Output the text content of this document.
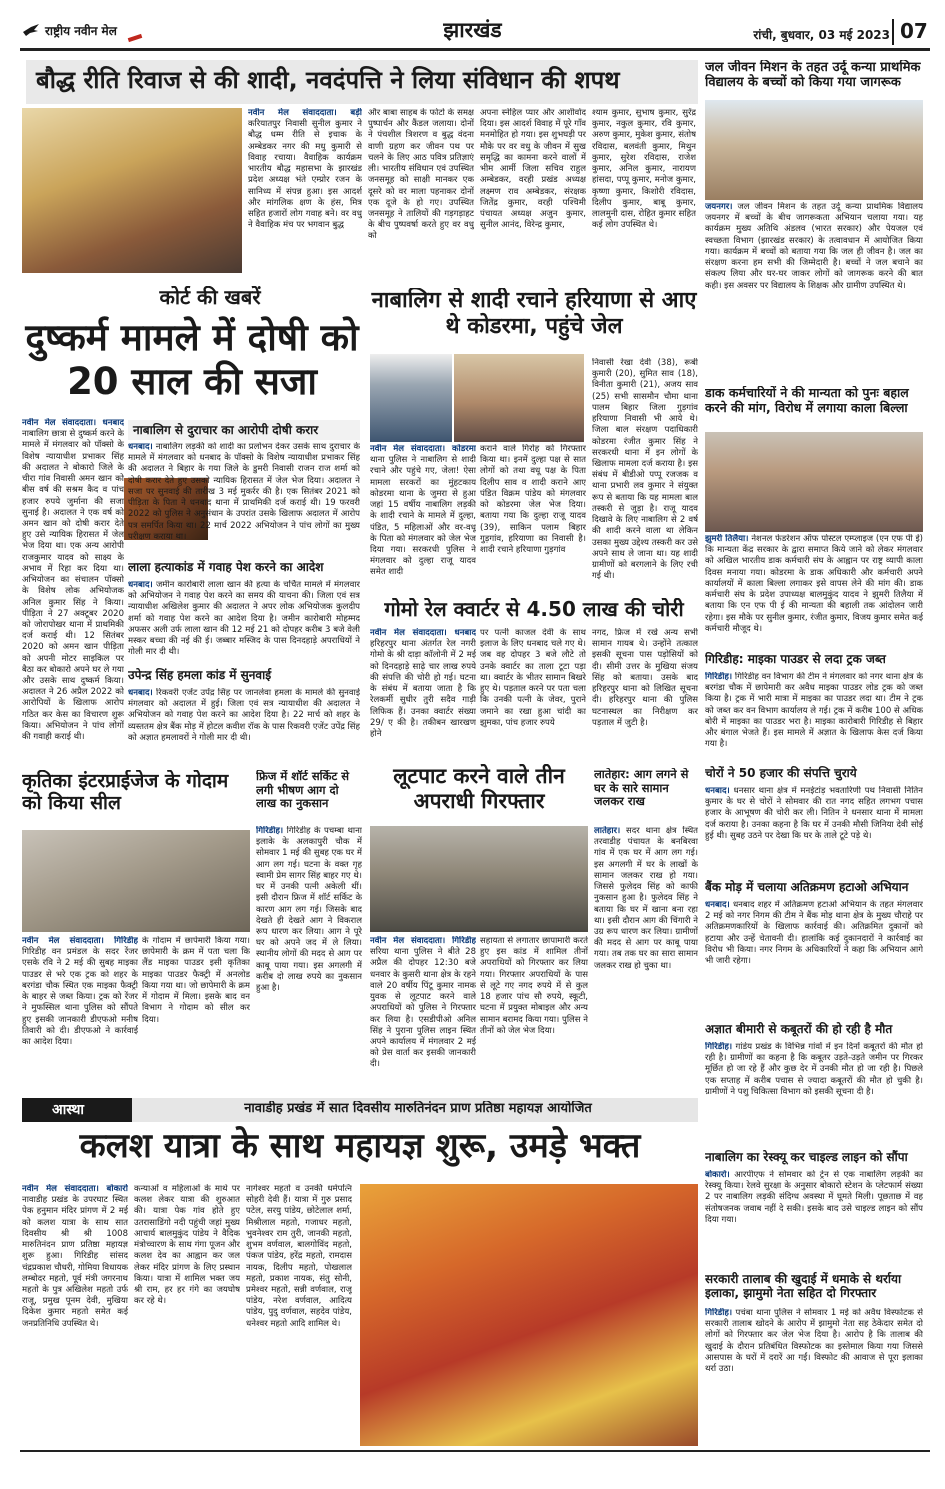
राष्ट्रीय नवीन मेल	झारखंड	रांची, बुधवार, 03 मई 2023 07
बौद्ध रीति रिवाज से की शादी, नवदंपत्ति ने लिया संविधान की शपथ
नवीन मेल संवाददाता। बड़ी करियातपुर निवासी सुनील कुमार ने बौद्ध धम्म रीति से इचाक के अम्बेडकर नगर की मधु कुमारी से विवाह रचाया। वैवाहिक कार्यक्रम भारतीय बौद्ध महासभा के झारखंड प्रदेश अध्यक्ष भंते एम्प्रोर रजन के सानिध्य में संपन्न हुआ। इस आदर्श और मांगलिक क्षण के हंस, मित्र सहित हजारों लोग गवाह बने। वर वधु ने वैवाहिक मंच पर भगवान बुद्ध
और बाबा साहब के फोटो के समक्ष पुष्पार्चन और कैंडल जलाया। दोनों ने पंचशील त्रिशरण व बुद्ध वंदना वाणी ग्रहण कर जीवन पथ पर चलने के लिए आठ पवित्र प्रतिज्ञाएं ली। भारतीय संविधान एवं उपस्थित जनसमूह को साक्षी मानकर एक दूसरे को वर माला पहनाकर दोनों एक दूजे के हो गए। उपस्थित जनसमूह ने तालियों की गड़गड़ाहट के बीच पुष्पवर्षा करते हुए वर वधु को
अपना स्नेहिल प्यार और आशीर्वाद दिया। इस आदर्श विवाह में पूरे गाँव मनमोहित हो गया। इस शुभघड़ी पर मौके पर वर वधु के जीवन में सुख समृद्धि का कामना करने वालों में भीम आर्मी जिला सचिव राहुल अम्बेडकर, वरही प्रखंड अध्यक्ष लक्ष्मण राव अम्बेडकर, संरक्षक जितेंद्र कुमार, वरही पश्चिमी पंचायत अध्यक्ष अजुन कुमार, सुनील आनंद, विरेन्द्र कुमार,
श्याम कुमार, सुभाष कुमार, सुरेंद्र कुमार, नकुल कुमार, रवि कुमार, अरुण कुमार, मुकेश कुमार, संतोष रविदास, बलवंती कुमार, मिथुन कुमार, सुरेश रविदास, राजेश कुमार, अनिल कुमार, नारायण हांसदा, पप्पू कुमार, मनोज कुमार, कृष्णा कुमार, किशोरी रविदास, दिलीप कुमार, बाबू कुमार, लालमुनी दास, रोहित कुमार सहित कई लोग उपस्थित थे।
जल जीवन मिशन के तहत उर्दू कन्या प्राथमिक विद्यालय के बच्चों को किया गया जागरूक
जयनगर। जल जीवन मिशन के तहत उर्दू कन्या प्राथमिक विद्यालय जयनगर में बच्चों के बीच जागरूकता अभियान चलाया गया। यह कार्यक्रम मुख्य अतिथि अंडलव (भारत सरकार) और पेयजल एवं स्वच्छता विभाग (झारखंड सरकार) के तत्वावधान में आयोजित किया गया। कार्यक्रम में बच्चों को बताया गया कि जल ही जीवन है। जल का संरक्षण करना हम सभी की जिम्मेदारी है। बच्चों ने जल बचाने का संकल्प लिया और घर-घर जाकर लोगों को जागरूक करने की बात कही। इस अवसर पर विद्यालय के शिक्षक और ग्रामीण उपस्थित थे।
कोर्ट की खबरें
दुष्कर्म मामले में दोषी को 20 साल की सजा
नवीन मेल संवाददाता। धनबाद नाबालिग छात्रा से दुष्कर्म करने के मामले में मंगलवार को पॉक्सो के विशेष न्यायाधीश प्रभाकर सिंह की अदालत ने बोकारो जिले के चीरा गांव निवासी अमन खान को बीस वर्ष की सश्रम कैद व पांच हजार रुपये जुर्माना की सजा सुनाई है। अदालत ने एक वर्ष को अमन खान को दोषी करार देते हुए उसे न्यायिक हिरासत में जेल भेज दिया था। एक अन्य आरोपी राजकुमार यादव को साक्ष्य के अभाव में रिहा कर दिया था। अभियोजन का संचालन पॉक्सो के विशेष लोक अभियोजक अनिल कुमार सिंह ने किया। पीड़िता ने 27 अक्टूबर 2020 को जोरापोखर थाना में प्राथमिकी दर्ज कराई थी। 12 सितंबर 2020 को अमन खान पीड़िता को अपनी मोटर साइकिल पर बैठा कर बोकारो अपने घर ले गया और उसके साथ दुष्कर्म किया। अदालत ने 26 अप्रैल 2022 को आरोपियों के खिलाफ आरोप गठित कर केस का विचारण शुरू किया। अभियोजन ने पांच लोगों की गवाही कराई थी।
नाबालिग से दुराचार का आरोपी दोषी करार
धनबाद। नाबालिग लड़की को शादी का प्रलोभन देकर उसके साथ दुराचार के मामले में मंगलवार को धनबाद के पॉक्सो के विशेष न्यायाधीश प्रभाकर सिंह की अदालत ने बिहार के गया जिले के डुमरी निवासी राजन राज शर्मा को दोषी करार देते हुए उसको न्यायिक हिरासत में जेल भेज दिया। अदालत ने सजा पर सुनवाई की तारीख 3 मई मुकर्रर की है। एक सितंबर 2021 को पीड़िता के पिता ने धनबाद थाना में प्राथमिकी दर्ज कराई थी। 19 फरवरी 2022 को पुलिस ने अनुसंधान के उपरांत उसके खिलाफ अदालत में आरोप पत्र समर्पित किया था। 22 मार्च 2022 अभियोजन ने पांच लोगों का मुख्य परीक्षण कराया था।
लाला हत्याकांड में गवाह पेश करने का आदेश
धनबाद। जमीन कारोबारी लाला खान की हत्या के चर्चित मामले में मंगलवार को अभियोजन ने गवाह पेश करने का समय की याचना की। जिला एवं सत्र न्यायाधीश अखिलेश कुमार की अदालत ने अपर लोक अभियोजक कुलदीप शर्मा को गवाह पेश करने का आदेश दिया है। जमीन कारोबारी मोहम्मद अफसर अली उर्फ लाला खान की 12 मई 21 को दोपहर करीब 3 बजे वेली मस्कर बच्चा की नई की ई। जब्बार मस्जिद के पास दिनदहाड़े अपराधियों ने गोली मार दी थी।
उपेन्द्र सिंह हमला कांड में सुनवाई
धनबाद। रिकवरी एजेंट उपेंद्र सिंह पर जानलेवा हमला के मामले की सुनवाई मंगलवार को अदालत में हुई। जिला एवं सत्र न्यायाधीश की अदालत ने अभियोजन को गवाह पेश करने का आदेश दिया है। 22 मार्च को शहर के व्यस्ततम क्षेत्र बैंक मोड़ में होटल कवीश रॉक के पास रिकवरी एजेंट उपेंद्र सिंह को अज्ञात हमलावरों ने गोली मार दी थी।
नाबालिग से शादी रचाने हरियाणा से आए थे कोडरमा, पहुंचे जेल
नवीन मेल संवाददाता। कोडरमा थाना पुलिस ने नाबालिग से शादी रचाने और पहुंचे गए, जेला! ऐसा मामला सरकरों का मुंहटकाय कोडरमा थाना के जुमरा से हुआ जहां 15 वर्षीय नाबालिग लड़की के शादी रचाने के मामले में दुल्हा, पंडित, 5 महिलाओं और वर-वधू के पिता को मंगलवार को जेल भेज दिया गया। सरकरधी पुलिस ने मंगलवार को दुल्हा राजू यादव समेत शादी
कराने वाले गिरोह को गिरफ्तार किया था। इनमें दुल्हा पक्ष से सात लोगों को तथा वधू पक्ष के पिता दिलीप साव व शादी कराने आए पंडित विक्रम पांडेय को मंगलवार को कोडरमा जेल भेज दिया। बताया गया कि दुल्हा राजू यादव (39), साकिन पलाम बिहार गुड़गांव, हरियाणा का निवासी है। शादी रचाने हरियाणा गुड़गांव
निवासी रेखा देवी (38), रूबी कुमारी (20), सुमित साव (18), विनीता कुमारी (21), अजय साव (25) सभी सासमौन चौमा थाना पालम बिहार जिला गुड़गांव हरियाणा निवासी भी आये थे। जिला बाल संरक्षण पदाधिकारी कोडरमा रंजीत कुमार सिंह ने सरकरधी थाना में इन लोगों के खिलाफ मामला दर्ज कराया है। इस संबंध में बीडीओ पप्पू रजजक व थाना प्रभारी लव कुमार ने संयुक्त रूप से बताया कि यह मामला बाल तस्करी से जुड़ा है। राजू यादव दिखावे के लिए नाबालिग से 2 वर्ष की शादी करने वाला था लेकिन उसका मुख्य उद्देश्य तस्करी कर उसे अपने साथ ले जाना था। यह शादी ग्रामीणों को बरगलाने के लिए रची गई थी।
डाक कर्मचारियों ने की मान्यता को पुनः बहाल करने की मांग, विरोध में लगाया काला बिल्ला
झुमरी तिलैया। नेशनल फेडरेशन ऑफ पोस्टल एम्प्लाइज (एन एफ पी ई) कि मान्यता केंद्र सरकार के द्वारा समाप्त किये जाने को लेकर मंगलवार को अखिल भारतीय डाक कर्मचारी संघ के आह्वान पर राष्ट्र व्यापी काला दिवस मनाया गया। कोडरमा के डाक अधिकारी और कर्मचारी अपने कार्यालयों में काला बिल्ला लगाकर इसे वापस लेने की मांग की। डाक कर्मचारी संघ के प्रदेश उपाध्यक्ष बालमुकुंद यादव ने झुमरी तिलैया में बताया कि एन एफ पी ई की मान्यता की बहाली तक आंदोलन जारी रहेगा। इस मौके पर सुनील कुमार, रंजीत कुमार, विजय कुमार समेत कई कर्मचारी मौजूद थे।
गोमो रेल क्वार्टर से 4.50 लाख की चोरी
नवीन मेल संवाददाता। धनबाद हरिहरपुर थाना अंतर्गत रेल नगरी गोमो के श्री दाड़ा कॉलोनी में 2 मई को दिनदहाड़े साढ़े चार लाख रुपये की संपत्ति की चोरी हो गई। घटना के संबंध में बताया जाता है कि रेलकर्मी सुधीर तुरी सदैव गाड़ी लिफिक हैं। उनका क्वार्टर संख्या 29/ ए की है। तकीबन खारखण होने
पर पत्नी काजल देवी के साथ इलाज के लिए धनबाद चले गए थे। जब वह दोपहर 3 बजे लौटे तो उनके क्वार्टर का ताला टूटा पड़ा था। क्वार्टर के भीतर सामान बिखरे हुए थे। पड़ताल करने पर पता चला कि उनकी पत्नी के जेवर, पुराने जमाने का रखा हुआ चांदी का झुमका, पांच हजार रुपये
नगद, फ्रिज में रखे अन्य सभी सामान गायब थे। उन्होंने तत्काल इसकी सूचना पास पड़ोसियों को दी। सीमी उत्तर के मुखिया संजय सिंह को बताया। उसके बाद हरिहरपुर थाना को लिखित सूचना दी। हरिहरपुर थाना की पुलिस घटनास्थल का निरीक्षण कर पड़ताल में जुटी है।
गिरिडीह: माइका पाउडर से लदा ट्रक जब्त
गिरिडीह। गिरिडीह वन विभाग की टीम ने मंगलवार को नगर थाना क्षेत्र के बरगंडा चौक में छापेमारी कर अवैध माइका पाउडर लोड ट्रक को जब्त किया है। ट्रक में भारी मात्रा में माइका का पाउडर लदा था। टीम ने ट्रक को जब्त कर वन विभाग कार्यालय ले गई। ट्रक में करीब 100 से अधिक बोरी में माइका का पाउडर भरा है। माइका कारोबारी गिरिडीह से बिहार और बंगाल भेजते हैं। इस मामले में अज्ञात के खिलाफ केस दर्ज किया गया है।
चोरों ने 50 हजार की संपत्ति चुराये
धनबाद। धनसार थाना क्षेत्र में मनईटांड़ भवतारिणी पथ निवासी नितिन कुमार के घर से चोरों ने सोमवार की रात नगद सहित लगभग पचास हजार के आभूषण की चोरी कर ली। नितिन ने धनसार थाना में मामला दर्ज कराया है। उनका कहना है कि घर में उनकी मौसी जिनिया देवी सोई हुई थी। सुबह उठने पर देखा कि घर के ताले टूटे पड़े थे।
बैंक मोड़ में चलाया अतिक्रमण हटाओ अभियान
धनबाद। धनबाद शहर में अतिक्रमण हटाओ अभियान के तहत मंगलवार 2 मई को नगर निगम की टीम ने बैंक मोड़ थाना क्षेत्र के मुख्य चौराहे पर अतिक्रमणकारियों के खिलाफ कार्रवाई की। अतिक्रमित दुकानों को हटाया और उन्हें चेतावनी दी। हालांकि कई दुकानदारों ने कार्रवाई का विरोध भी किया। नगर निगम के अधिकारियों ने कहा कि अभियान आगे भी जारी रहेगा।
अज्ञात बीमारी से कबूतरों की हो रही है मौत
गिरिडीह। गांडेय प्रखंड के विभिन्न गांवों में इन दिनों कबूतरों की मौत हो रही है। ग्रामीणों का कहना है कि कबूतर उड़ते-उड़ते जमीन पर गिरकर मूर्छित हो जा रहे हैं और कुछ देर में उनकी मौत हो जा रही है। पिछले एक सप्ताह में करीब पचास से ज्यादा कबूतरों की मौत हो चुकी है। ग्रामीणों ने पशु चिकित्सा विभाग को इसकी सूचना दी है।
नाबालिग का रेस्क्यू कर चाइल्ड लाइन को सौंपा
बोकारो। आरपीएफ ने सोमवार को ट्रेन से एक नाबालिग लड़की का रेस्क्यू किया। रेलवे सुरक्षा के अनुसार बोकारो स्टेशन के प्लेटफार्म संख्या 2 पर नाबालिग लड़की संदिग्ध अवस्था में घूमते मिली। पूछताछ में वह संतोषजनक जवाब नहीं दे सकी। इसके बाद उसे चाइल्ड लाइन को सौंप दिया गया।
सरकारी तालाब की खुदाई में धमाके से थर्राया इलाका, झामुमो नेता सहित दो गिरफ्तार
गिरिडीह। पचंबा थाना पुलिस ने सोमवार 1 मई को अवैध विस्फोटक से सरकारी तालाब खोदने के आरोप में झामुमो नेता सह ठेकेदार समेत दो लोगों को गिरफ्तार कर जेल भेज दिया है। आरोप है कि तालाब की खुदाई के दौरान प्रतिबंधित विस्फोटक का इस्तेमाल किया गया जिससे आसपास के घरों में दरारें आ गईं। विस्फोट की आवाज से पूरा इलाका थर्रा उठा।
कृतिका इंटरप्राईजेज के गोदाम को किया सील
नवीन मेल संवाददाता। गिरिडीह गिरिडीह वन प्रमंडल के सदर रेंजर एसके रवि ने 2 मई की सुबह माइका पाउडर से भरे एक ट्रक को शहर के बरगंडा चौक स्थित एक माइका फैक्ट्री के बाहर से जब्त किया। ट्रक को रेंजर ने मुफस्सिल थाना पुलिस को सौंपते हुए इसकी जानकारी डीएफओ मनीष तिवारी को दी। डीएफओ ने कार्रवाई का आदेश दिया।
के गोदाम में छापेमारी किया गया। छापेमारी के क्रम में पता चला कि लैंड माइका पाउडर इसी कृतिका माइका पाउडर फैक्ट्री में अनलोड किया गया था। जो छापेमारी के क्रम में गोदाम में मिला। इसके बाद वन विभाग ने गोदाम को सील कर दिया।
फ्रिज में शॉर्ट सर्किट से लगी भीषण आग दो लाख का नुकसान
गिरिडीह। गिरिडीह के पचम्बा थाना इलाके के अलकापुरी चौक में सोमवार 1 मई की सुबह एक घर में आग लग गई। घटना के वक्त गृह स्वामी प्रेम सागर सिंह बाहर गए थे। घर में उनकी पत्नी अकेली थीं। इसी दौरान फ्रिज में शॉर्ट सर्किट के कारण आग लग गई। जिसके बाद देखते ही देखते आग ने विकराल रूप धारण कर लिया। आग ने पूरे घर को अपने जद में ले लिया। स्थानीय लोगों की मदद से आग पर काबू पाया गया। इस अगलगी में करीब दो लाख रुपये का नुकसान हुआ है।
लूटपाट करने वाले तीन अपराधी गिरफ्तार
नवीन मेल संवाददाता। गिरिडीह सरिया थाना पुलिस ने बीते 28 अप्रैल की दोपहर 12:30 बजे धनवार के कुसरी थाना क्षेत्र के रहने वाले 20 वर्षीय पिंटू कुमार नामक युवक से लूटपाट करने वाले अपराधियों को पुलिस ने गिरफ्तार कर लिया है। एसडीपीओ अनिल सिंह ने पुराना पुलिस लाइन स्थित अपने कार्यालय में मंगलवार 2 मई को प्रेस वार्ता कर इसकी जानकारी दी।
सहायता से लगातार छापामारी करते हुए इस कांड में शामिल तीनों अपराधियों को गिरफ्तार कर लिया गया। गिरफ्तार अपराधियों के पास से लूटे गए नगद रुपये में से कुल 18 हजार पांच सौ रुपये, स्कूटी, घटना में प्रयुक्त मोबाइल और अन्य सामान बरामद किया गया। पुलिस ने तीनों को जेल भेज दिया।
लातेहार: आग लगने से घर के सारे सामान जलकर राख
लातेहार। सदर थाना क्षेत्र स्थित तरवाडीह पंचायत के बनबिरवा गांव में एक घर में आग लग गई। इस अगलगी में घर के लाखों के सामान जलकर राख हो गया। जिससे फुलेदव सिंह को काफी नुकसान हुआ है। फुलेदव सिंह ने बताया कि घर में खाना बना रहा था। इसी दौरान आग की चिंगारी ने उग्र रूप धारण कर लिया। ग्रामीणों की मदद से आग पर काबू पाया गया। तब तक घर का सारा सामान जलकर राख हो चुका था।
आस्था	नावाडीह प्रखंड में सात दिवसीय मारुतिनंदन प्राण प्रतिष्ठा महायज्ञ आयोजित
कलश यात्रा के साथ महायज्ञ शुरू, उमड़े भक्त
नवीन मेल संवाददाता। बोकारो नावाडीह प्रखंड के उपरघाट स्थित पेक हनुमान मंदिर प्रांगण में 2 मई को कलश यात्रा के साथ सात दिवसीय श्री श्री 1008 मारुतिनंदन प्राण प्रतिष्ठा महायज्ञ शुरू हुआ। गिरिडीह सांसद चंद्रप्रकाश चौधरी, गोमिया विधायक लम्बोदर महतो, पूर्व मंत्री जगरनाथ महतो के पुत्र अखिलेश महतो उर्फ राजू, प्रमुख पूनम देवी, मुखिया दिकेश कुमार महतो समेत कई जनप्रतिनिधि उपस्थित थे।
कन्याओं व महिलाओं के माथे पर कलश लेकर यात्रा की शुरुआत की। यात्रा पेक गांव होते हुए उतरासाडिंगो नदी पहुंची जहां मुख्य आचार्य बालमुकुंद पांडेय ने वैदिक मंत्रोच्चारण के साथ गंगा पूजन और कलश देव का आह्वान कर जल लेकर मंदिर प्रांगण के लिए प्रस्थान किया। यात्रा में शामिल भक्त जय श्री राम, हर हर गंगे का जयघोष कर रहे थे।
नागेश्वर महतो व उनकी धर्मपत्नि सोहरी देवी हैं। यात्रा में गुरु प्रसाद पटेल, सरयु पांडेय, छोटेलाल शर्मा, मिश्रीलाल महतो, गजाधर महतो, भुवनेश्वर राम तुरी, जानकी महतो, शुभम वर्णवाल, बालगोविंद महतो, पंकज पांडेय, हरेंद्र महतो, रामदास नायक, दिलीप महतो, पोखलाल महतो, प्रकाश नायक, संतु सोनी, प्रमेश्वर महतो, सन्नी वर्णवाल, राजू पांडेय, नरेश वर्णवाल, आदित्य पांडेय, पुदु वर्णवाल, सहदेव पांडेय, धनेश्वर महतो आदि शामिल थे।
